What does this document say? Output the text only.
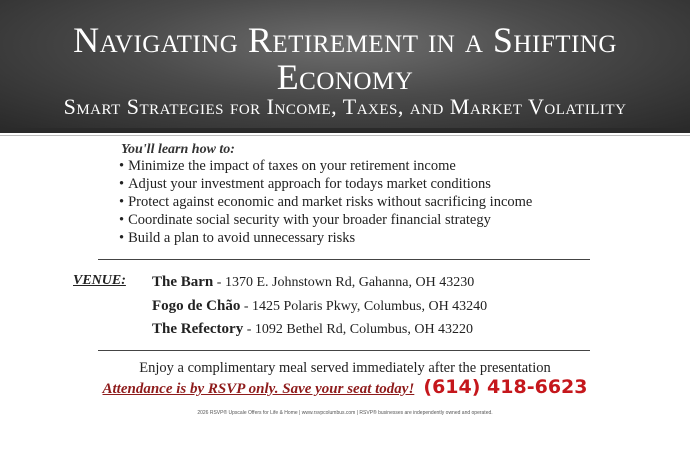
Navigating Retirement in a Shifting Economy
Smart Strategies for Income, Taxes, and Market Volatility
You'll learn how to:
• Minimize the impact of taxes on your retirement income
• Adjust your investment approach for todays market conditions
• Protect against economic and market risks without sacrificing income
• Coordinate social security with your broader financial strategy
• Build a plan to avoid unnecessary risks
VENUE: The Barn - 1370 E. Johnstown Rd, Gahanna, OH 43230
Fogo de Chão - 1425 Polaris Pkwy, Columbus, OH 43240
The Refectory - 1092 Bethel Rd, Columbus, OH 43220
Enjoy a complimentary meal served immediately after the presentation
Attendance is by RSVP only. Save your seat today! (614) 418-6623
2026 RSVP® Upscale Offers for Life & Home | www.rsvpcolumbus.com | RSVP® businesses are independently owned and operated.
